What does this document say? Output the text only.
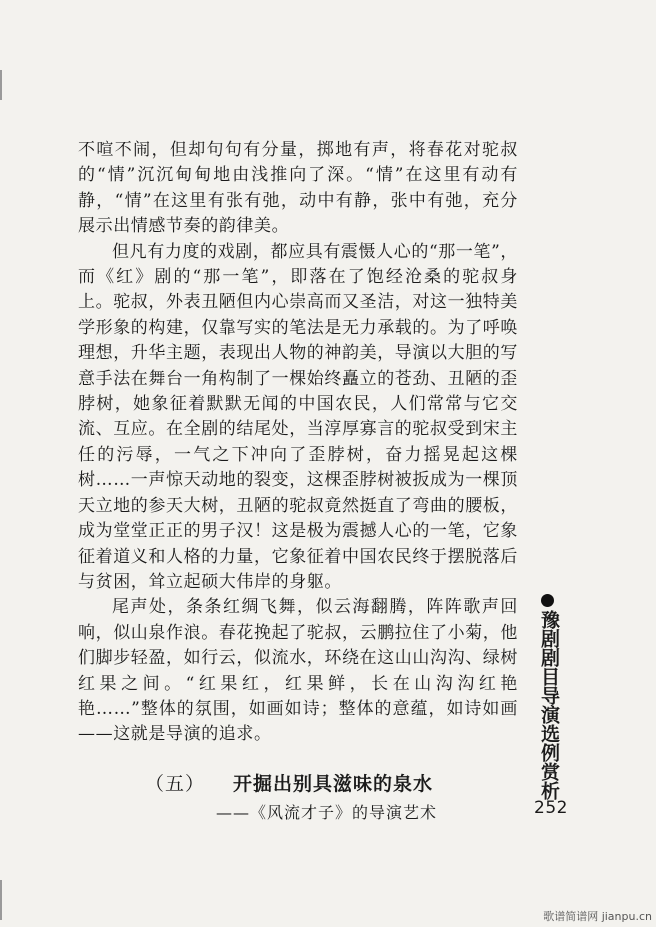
不喧不闹，但却句句有分量，掷地有声，将春花对驼叔的“情”沉沉甸甸地由浅推向了深。“情”在这里有动有静，“情”在这里有张有弛，动中有静，张中有弛，充分展示出情感节奏的韵律美。

但凡有力度的戏剧，都应具有震慑人心的“那一笔”，而《红》剧的“那一笔”，即落在了饱经沧桑的驼叔身上。驼叔，外表丑陋但内心崇高而又圣洁，对这一独特美学形象的构建，仅靠写实的笔法是无力承载的。为了呼唤理想，升华主题，表现出人物的神韵美，导演以大胆的写意手法在舞台一角构制了一棵始终矗立的苍劲、丑陋的歪脖树，她象征着默默无闻的中国农民，人们常常与它交流、互应。在全剧的结尾处，当淳厚寡言的驼叔受到宋主任的污辱，一气之下冲向了歪脖树，奋力摇晃起这棵树……一声惊天动地的裂变，这棵歪脖树被扳成为一棵顶天立地的参天大树，丑陋的驼叔竟然挺直了弯曲的腰板，成为堂堂正正的男子汉！这是极为震撼人心的一笔，它象征着道义和人格的力量，它象征着中国农民终于摆脱落后与贫困，耸立起硕大伟岸的身躯。

尾声处，条条红绸飞舞，似云海翻腾，阵阵歌声回响，似山泉作浪。春花挽起了驼叔，云鹏拉住了小菊，他们脚步轻盈，如行云，似流水，环绕在这山山沟沟、绿树红果之间。“红果红，红果鲜，长在山沟沟红艳艳……”整体的氛围，如画如诗；整体的意蕴，如诗如画——这就是导演的追求。

（五） 开掘出别具滋味的泉水
——《风流才子》的导演艺术
豫剧剧目导演选例赏析
252
歌谱简谱网 jianpu.cn
